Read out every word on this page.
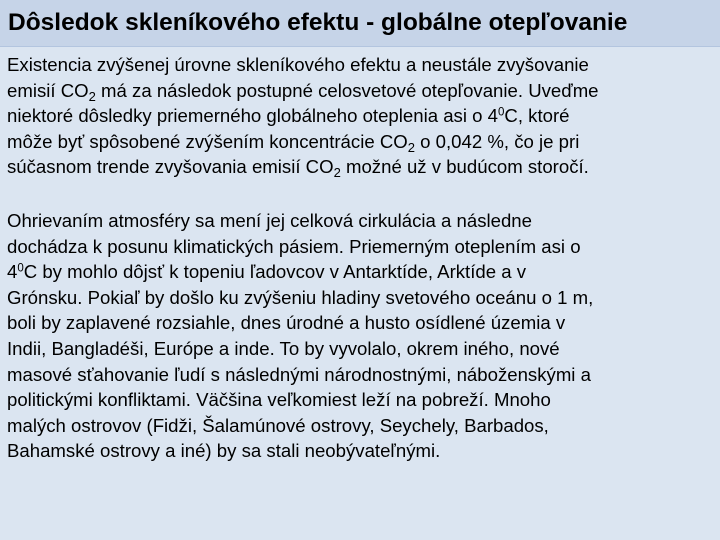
Dôsledok skleníkového efektu - globálne otepľovanie

Existencia zvýšenej úrovne skleníkového efektu a neustále zvyšovanie
emisií $CO_2$ má za následok postupné celosvetové otepľovanie. Uveďme
niektoré dôsledky priemerného globálneho oteplenia asi o $4^0C$, ktoré
môže byť spôsobené zvýšením koncentrácie $CO_2$ o 0,042 %, čo je pri
súčasnom trende zvyšovania emisií $CO_2$ možné už v budúcom storočí.

Ohrievaním atmosféry sa mení jej celková cirkulácia a následne
dochádza k posunu klimatických pásiem. Priemerným oteplením asi o
$4^0C$ by mohlo dôjsť k topeniu ľadovcov v Antarktíde, Arktíde a v
Grónsku. Pokiaľ by došlo ku zvýšeniu hladiny svetového oceánu o 1 m,
boli by zaplavené rozsiahle, dnes úrodné a husto osídlené územia v
Indii, Bangladéši, Európe a inde. To by vyvolalo, okrem iného, nové
masové sťahovanie ľudí s následnými národnostnými, náboženskými a
politickými konfliktami. Väčšina veľkomiest leží na pobreží. Mnoho
malých ostrovov (Fidži, Šalamúnové ostrovy, Seychely, Barbados,
Bahamské ostrovy a iné) by sa stali neobývateľnými.
